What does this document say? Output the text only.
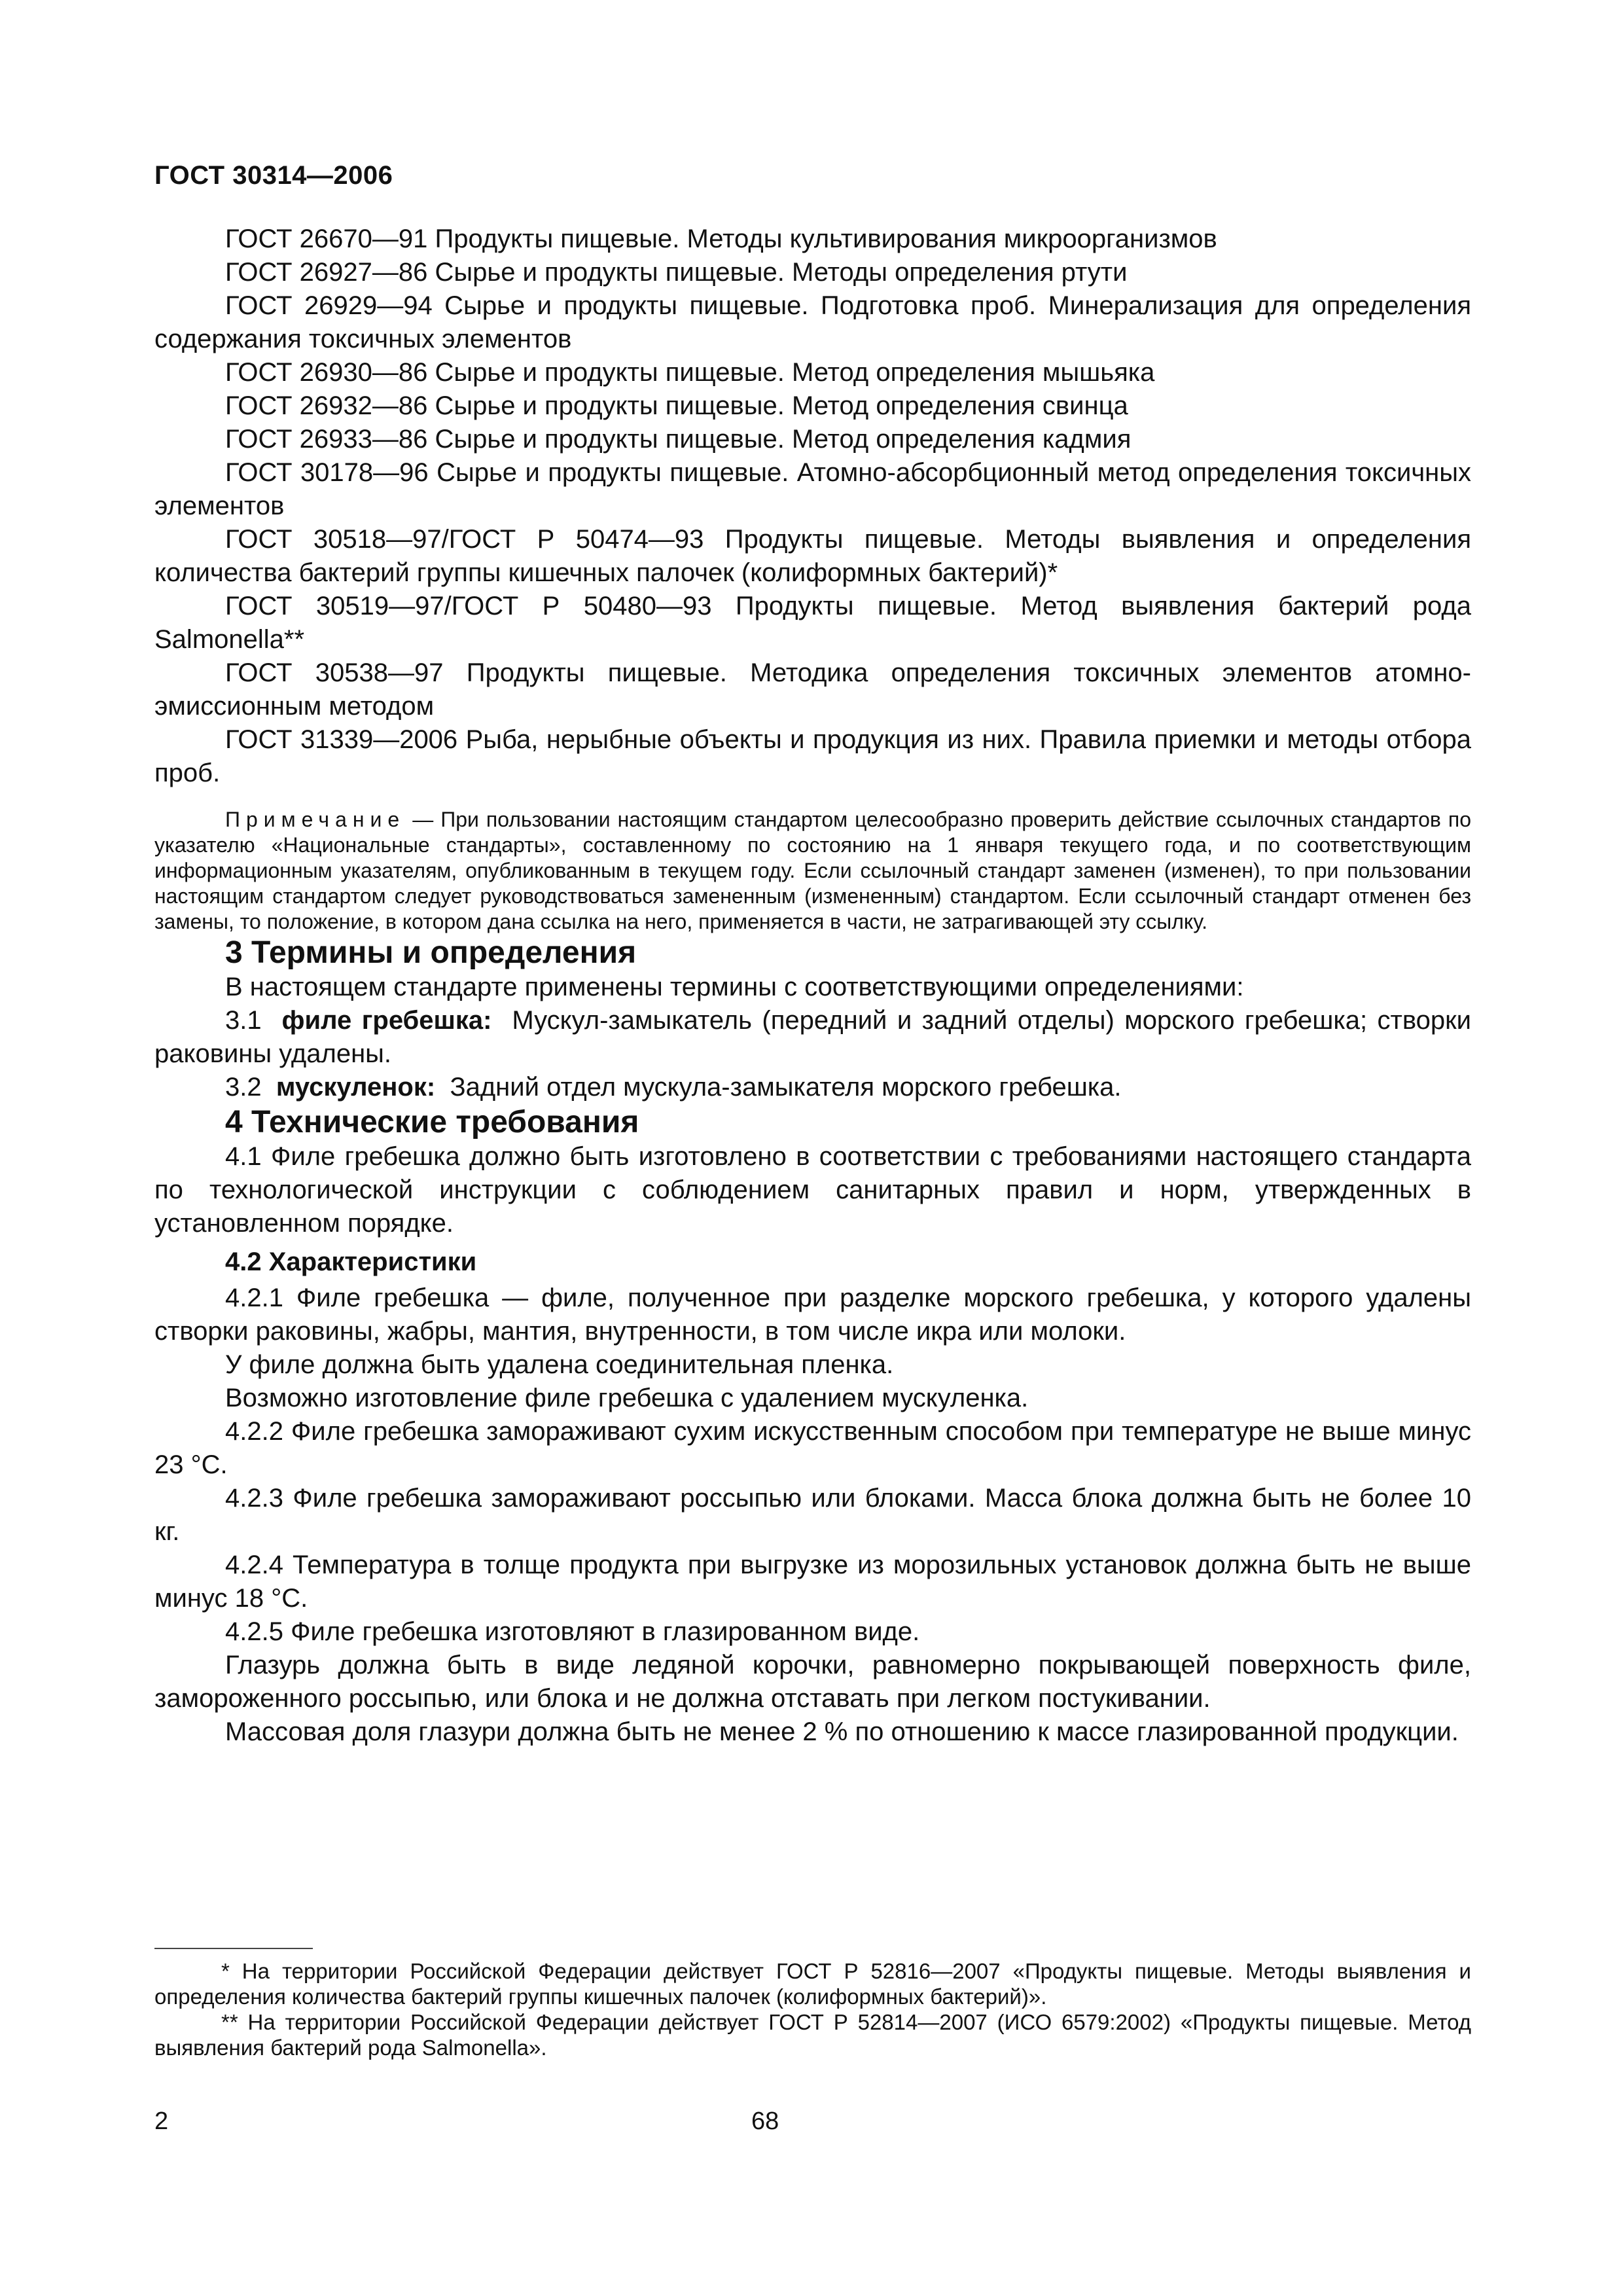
ГОСТ 30314—2006

ГОСТ 26670—91 Продукты пищевые. Методы культивирования микроорганизмов

ГОСТ 26927—86 Сырье и продукты пищевые. Методы определения ртути

ГОСТ 26929—94 Сырье и продукты пищевые. Подготовка проб. Минерализация для определения содержания токсичных элементов

ГОСТ 26930—86 Сырье и продукты пищевые. Метод определения мышьяка

ГОСТ 26932—86 Сырье и продукты пищевые. Метод определения свинца

ГОСТ 26933—86 Сырье и продукты пищевые. Метод определения кадмия

ГОСТ 30178—96 Сырье и продукты пищевые. Атомно-абсорбционный метод определения токсичных элементов

ГОСТ 30518—97/ГОСТ Р 50474—93 Продукты пищевые. Методы выявления и определения количества бактерий группы кишечных палочек (колиформных бактерий)*

ГОСТ 30519—97/ГОСТ Р 50480—93 Продукты пищевые. Метод выявления бактерий рода Salmonella**

ГОСТ 30538—97 Продукты пищевые. Методика определения токсичных элементов атомно-эмиссионным методом

ГОСТ 31339—2006 Рыба, нерыбные объекты и продукция из них. Правила приемки и методы отбора проб.

Примечание — При пользовании настоящим стандартом целесообразно проверить действие ссылочных стандартов по указателю «Национальные стандарты», составленному по состоянию на 1 января текущего года, и по соответствующим информационным указателям, опубликованным в текущем году. Если ссылочный стандарт заменен (изменен), то при пользовании настоящим стандартом следует руководствоваться замененным (измененным) стандартом. Если ссылочный стандарт отменен без замены, то положение, в котором дана ссылка на него, применяется в части, не затрагивающей эту ссылку.

3 Термины и определения

В настоящем стандарте применены термины с соответствующими определениями:

3.1 филе гребешка: Мускул-замыкатель (передний и задний отделы) морского гребешка; створки раковины удалены.

3.2 мускуленок: Задний отдел мускула-замыкателя морского гребешка.

4 Технические требования

4.1 Филе гребешка должно быть изготовлено в соответствии с требованиями настоящего стандарта по технологической инструкции с соблюдением санитарных правил и норм, утвержденных в установленном порядке.

4.2 Характеристики

4.2.1 Филе гребешка — филе, полученное при разделке морского гребешка, у которого удалены створки раковины, жабры, мантия, внутренности, в том числе икра или молоки.

У филе должна быть удалена соединительная пленка.

Возможно изготовление филе гребешка с удалением мускуленка.

4.2.2 Филе гребешка замораживают сухим искусственным способом при температуре не выше минус 23 °С.

4.2.3 Филе гребешка замораживают россыпью или блоками. Масса блока должна быть не более 10 кг.

4.2.4 Температура в толще продукта при выгрузке из морозильных установок должна быть не выше минус 18 °С.

4.2.5 Филе гребешка изготовляют в глазированном виде.

Глазурь должна быть в виде ледяной корочки, равномерно покрывающей поверхность филе, замороженного россыпью, или блока и не должна отставать при легком постукивании.

Массовая доля глазури должна быть не менее 2 % по отношению к массе глазированной продукции.

* На территории Российской Федерации действует ГОСТ Р 52816—2007 «Продукты пищевые. Методы выявления и определения количества бактерий группы кишечных палочек (колиформных бактерий)».

** На территории Российской Федерации действует ГОСТ Р 52814—2007 (ИСО 6579:2002) «Продукты пищевые. Метод выявления бактерий рода Salmonella».

2	68
